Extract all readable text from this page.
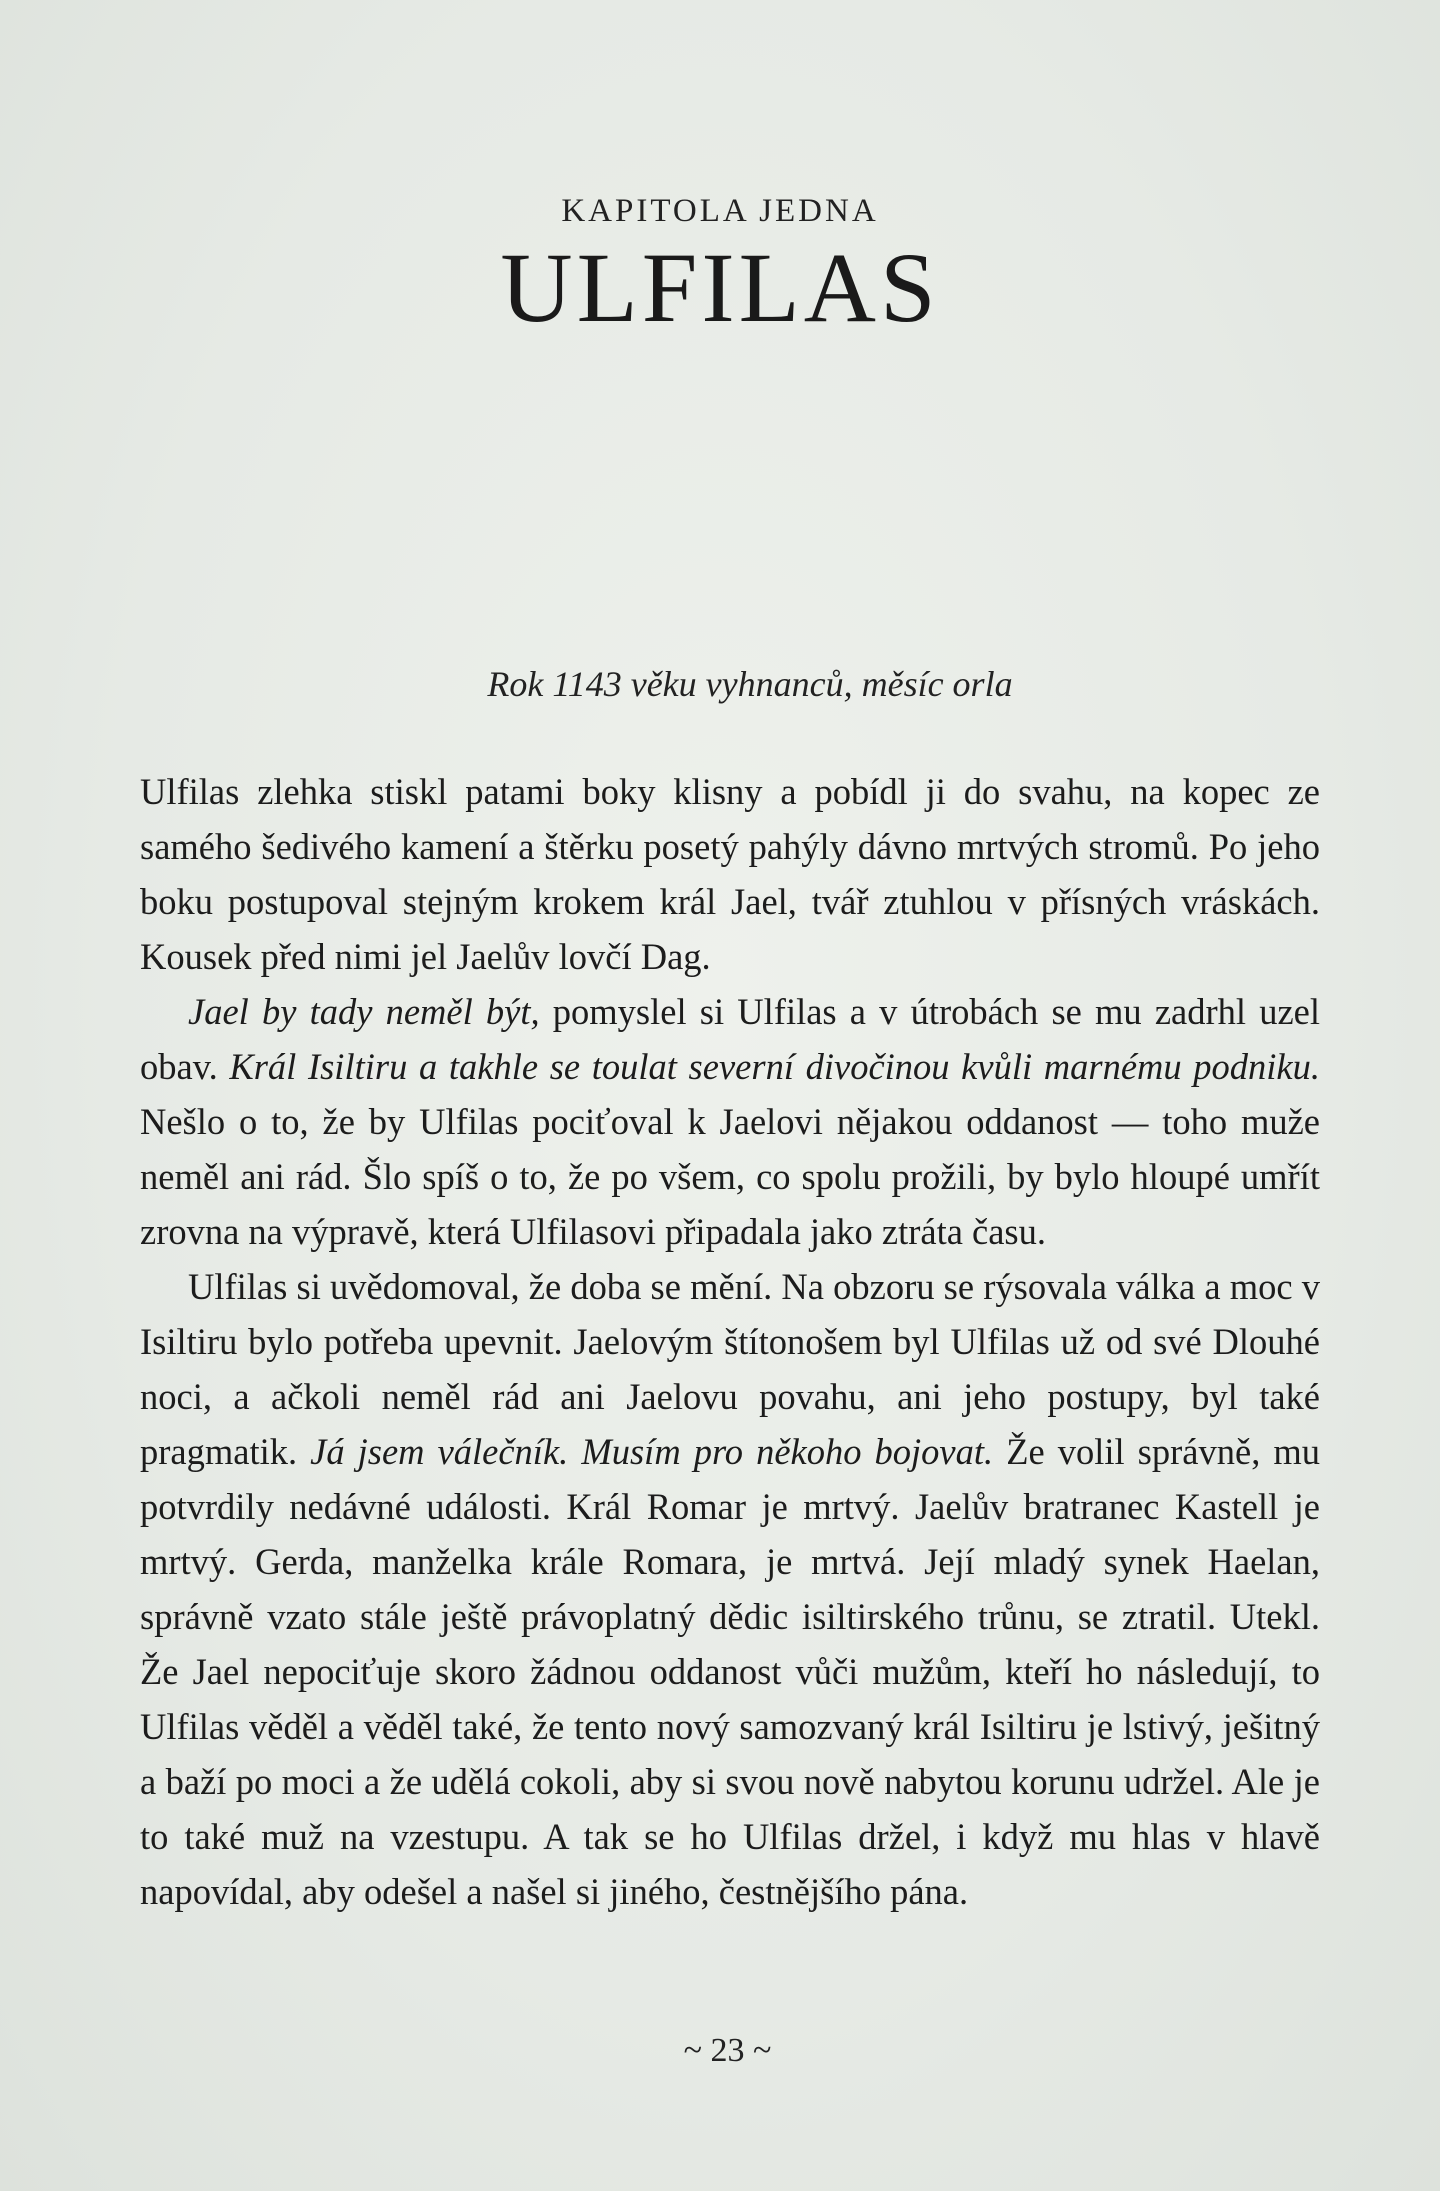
KAPITOLA JEDNA
ULFILAS
Rok 1143 věku vyhnanců, měsíc orla

Ulfilas zlehka stiskl patami boky klisny a pobídl ji do svahu, na kopec ze samého šedivého kamení a štěrku posetý pahýly dávno mrtvých stromů. Po jeho boku postupoval stejným krokem král Jael, tvář ztuhlou v přísných vráskách. Kousek před nimi jel Jaelův lovčí Dag.

Jael by tady neměl být, pomyslel si Ulfilas a v útrobách se mu zadrhl uzel obav. Král Isiltiru a takhle se toulat severní divočinou kvůli marnému podniku. Nešlo o to, že by Ulfilas pociťoval k Jaelovi nějakou oddanost — toho muže neměl ani rád. Šlo spíš o to, že po všem, co spolu prožili, by bylo hloupé umřít zrovna na výpravě, která Ulfilasovi připadala jako ztráta času.

Ulfilas si uvědomoval, že doba se mění. Na obzoru se rýsovala válka a moc v Isiltiru bylo potřeba upevnit. Jaelovým štítonošem byl Ulfilas už od své Dlouhé noci, a ačkoli neměl rád ani Jaelovu povahu, ani jeho postupy, byl také pragmatik. Já jsem válečník. Musím pro někoho bojovat. Že volil správně, mu potvrdily nedávné události. Král Romar je mrtvý. Jaelův bratranec Kastell je mrtvý. Gerda, manželka krále Romara, je mrtvá. Její mladý synek Haelan, správně vzato stále ještě právoplatný dědic isiltirského trůnu, se ztratil. Utekl. Že Jael nepociťuje skoro žádnou oddanost vůči mužům, kteří ho následují, to Ulfilas věděl a věděl také, že tento nový samozvaný král Isiltiru je lstivý, ješitný a baží po moci a že udělá cokoli, aby si svou nově nabytou korunu udržel. Ale je to také muž na vzestupu. A tak se ho Ulfilas držel, i když mu hlas v hlavě napovídal, aby odešel a našel si jiného, čestnějšího pána.

~ 23 ~
